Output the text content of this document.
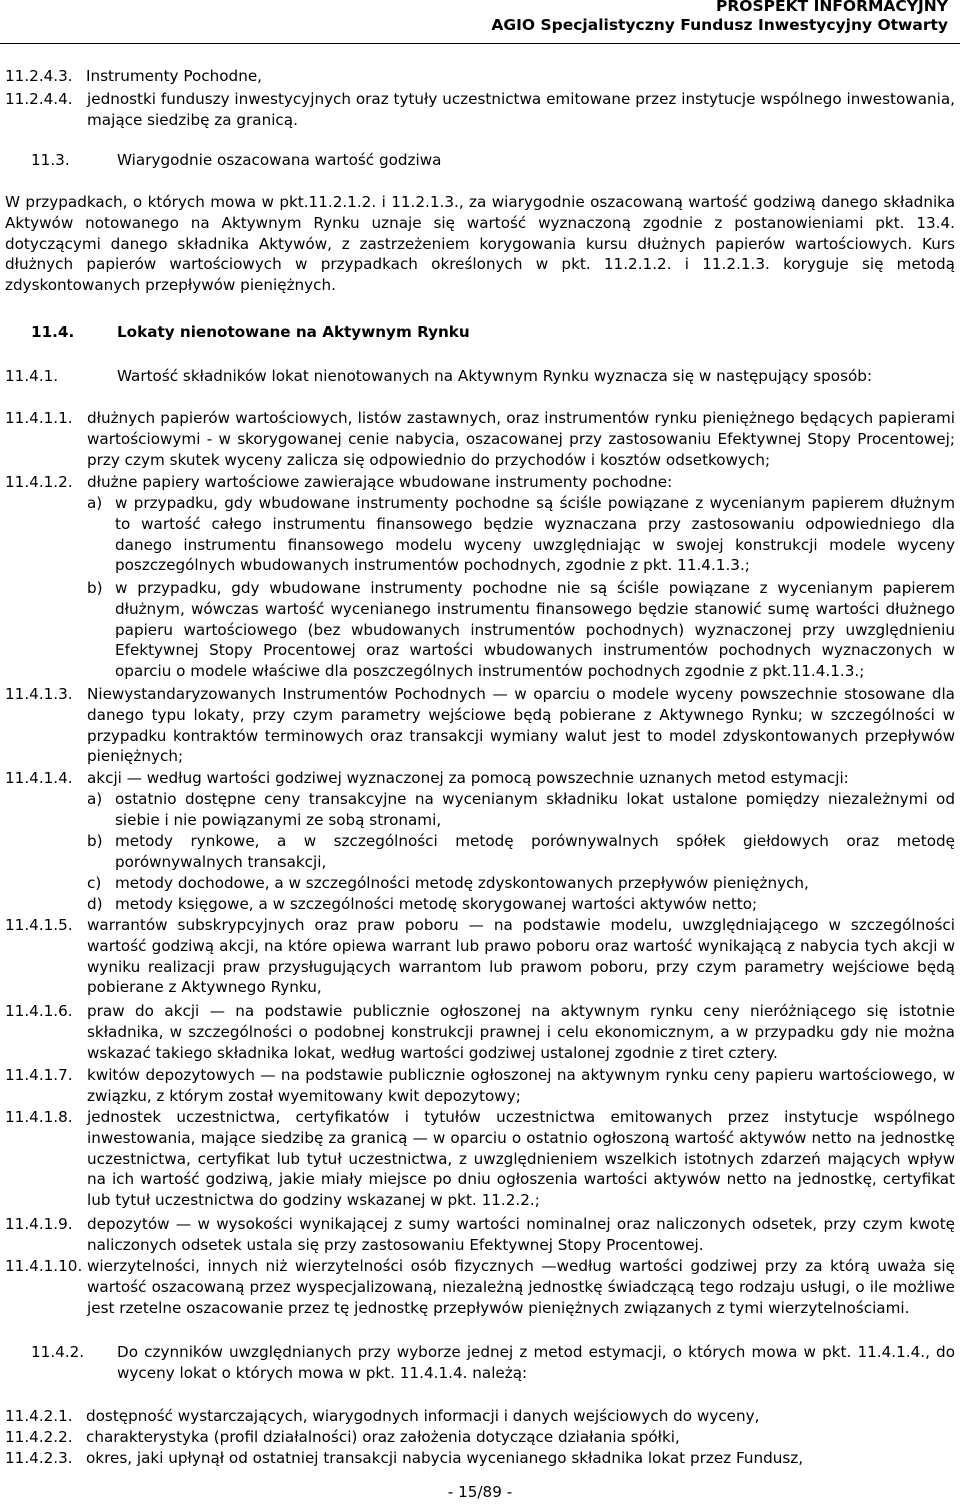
PROSPEKT INFORMACYJNY
AGIO Specjalistyczny Fundusz Inwestycyjny Otwarty

11.2.4.3. Instrumenty Pochodne,

11.2.4.4. jednostki funduszy inwestycyjnych oraz tytuły uczestnictwa emitowane przez instytucje wspólnego inwestowania, mające siedzibę za granicą.

11.3.	Wiarygodnie oszacowana wartość godziwa

W przypadkach, o których mowa w pkt.11.2.1.2. i 11.2.1.3., za wiarygodnie oszacowaną wartość godziwą danego składnika Aktywów notowanego na Aktywnym Rynku uznaje się wartość wyznaczoną zgodnie z postanowieniami pkt. 13.4. dotyczącymi danego składnika Aktywów, z zastrzeżeniem korygowania kursu dłużnych papierów wartościowych. Kurs dłużnych papierów wartościowych w przypadkach określonych w pkt. 11.2.1.2. i 11.2.1.3. koryguje się metodą zdyskontowanych przepływów pieniężnych.

11.4.	Lokaty nienotowane na Aktywnym Rynku

11.4.1.	Wartość składników lokat nienotowanych na Aktywnym Rynku wyznacza się w następujący sposób:

11.4.1.1. dłużnych papierów wartościowych, listów zastawnych, oraz instrumentów rynku pieniężnego będących papierami wartościowymi - w skorygowanej cenie nabycia, oszacowanej przy zastosowaniu Efektywnej Stopy Procentowej; przy czym skutek wyceny zalicza się odpowiednio do przychodów i kosztów odsetkowych;

11.4.1.2. dłużne papiery wartościowe zawierające wbudowane instrumenty pochodne:

a) w przypadku, gdy wbudowane instrumenty pochodne są ściśle powiązane z wycenianym papierem dłużnym to wartość całego instrumentu finansowego będzie wyznaczana przy zastosowaniu odpowiedniego dla danego instrumentu finansowego modelu wyceny uwzględniając w swojej konstrukcji modele wyceny poszczególnych wbudowanych instrumentów pochodnych, zgodnie z pkt. 11.4.1.3.;

b) w przypadku, gdy wbudowane instrumenty pochodne nie są ściśle powiązane z wycenianym papierem dłużnym, wówczas wartość wycenianego instrumentu finansowego będzie stanowić sumę wartości dłużnego papieru wartościowego (bez wbudowanych instrumentów pochodnych) wyznaczonej przy uwzględnieniu Efektywnej Stopy Procentowej oraz wartości wbudowanych instrumentów pochodnych wyznaczonych w oparciu o modele właściwe dla poszczególnych instrumentów pochodnych zgodnie z pkt.11.4.1.3.;

11.4.1.3. Niewystandaryzowanych Instrumentów Pochodnych — w oparciu o modele wyceny powszechnie stosowane dla danego typu lokaty, przy czym parametry wejściowe będą pobierane z Aktywnego Rynku; w szczególności w przypadku kontraktów terminowych oraz transakcji wymiany walut jest to model zdyskontowanych przepływów pieniężnych;

11.4.1.4. akcji — według wartości godziwej wyznaczonej za pomocą powszechnie uznanych metod estymacji:

a) ostatnio dostępne ceny transakcyjne na wycenianym składniku lokat ustalone pomiędzy niezależnymi od siebie i nie powiązanymi ze sobą stronami,

b) metody rynkowe, a w szczególności metodę porównywalnych spółek giełdowych oraz metodę porównywalnych transakcji,

c) metody dochodowe, a w szczególności metodę zdyskontowanych przepływów pieniężnych,

d) metody księgowe, a w szczególności metodę skorygowanej wartości aktywów netto;

11.4.1.5. warrantów subskrypcyjnych oraz praw poboru — na podstawie modelu, uwzględniającego w szczególności wartość godziwą akcji, na które opiewa warrant lub prawo poboru oraz wartość wynikającą z nabycia tych akcji w wyniku realizacji praw przysługujących warrantom lub prawom poboru, przy czym parametry wejściowe będą pobierane z Aktywnego Rynku,

11.4.1.6. praw do akcji — na podstawie publicznie ogłoszonej na aktywnym rynku ceny nieróżniącego się istotnie składnika, w szczególności o podobnej konstrukcji prawnej i celu ekonomicznym, a w przypadku gdy nie można wskazać takiego składnika lokat, według wartości godziwej ustalonej zgodnie z tiret cztery.

11.4.1.7. kwitów depozytowych — na podstawie publicznie ogłoszonej na aktywnym rynku ceny papieru wartościowego, w związku, z którym został wyemitowany kwit depozytowy;

11.4.1.8. jednostek uczestnictwa, certyfikatów i tytułów uczestnictwa emitowanych przez instytucje wspólnego inwestowania, mające siedzibę za granicą — w oparciu o ostatnio ogłoszoną wartość aktywów netto na jednostkę uczestnictwa, certyfikat lub tytuł uczestnictwa, z uwzględnieniem wszelkich istotnych zdarzeń mających wpływ na ich wartość godziwą, jakie miały miejsce po dniu ogłoszenia wartości aktywów netto na jednostkę, certyfikat lub tytuł uczestnictwa do godziny wskazanej w pkt. 11.2.2.;

11.4.1.9. depozytów — w wysokości wynikającej z sumy wartości nominalnej oraz naliczonych odsetek, przy czym kwotę naliczonych odsetek ustala się przy zastosowaniu Efektywnej Stopy Procentowej.

11.4.1.10. wierzytelności, innych niż wierzytelności osób fizycznych —według wartości godziwej przy za którą uważa się wartość oszacowaną przez wyspecjalizowaną, niezależną jednostkę świadczącą tego rodzaju usługi, o ile możliwe jest rzetelne oszacowanie przez tę jednostkę przepływów pieniężnych związanych z tymi wierzytelnościami.

11.4.2. Do czynników uwzględnianych przy wyborze jednej z metod estymacji, o których mowa w pkt. 11.4.1.4., do wyceny lokat o których mowa w pkt. 11.4.1.4. należą:

11.4.2.1. dostępność wystarczających, wiarygodnych informacji i danych wejściowych do wyceny,

11.4.2.2. charakterystyka (profil działalności) oraz założenia dotyczące działania spółki,

11.4.2.3. okres, jaki upłynął od ostatniej transakcji nabycia wycenianego składnika lokat przez Fundusz,

- 15/89 -
